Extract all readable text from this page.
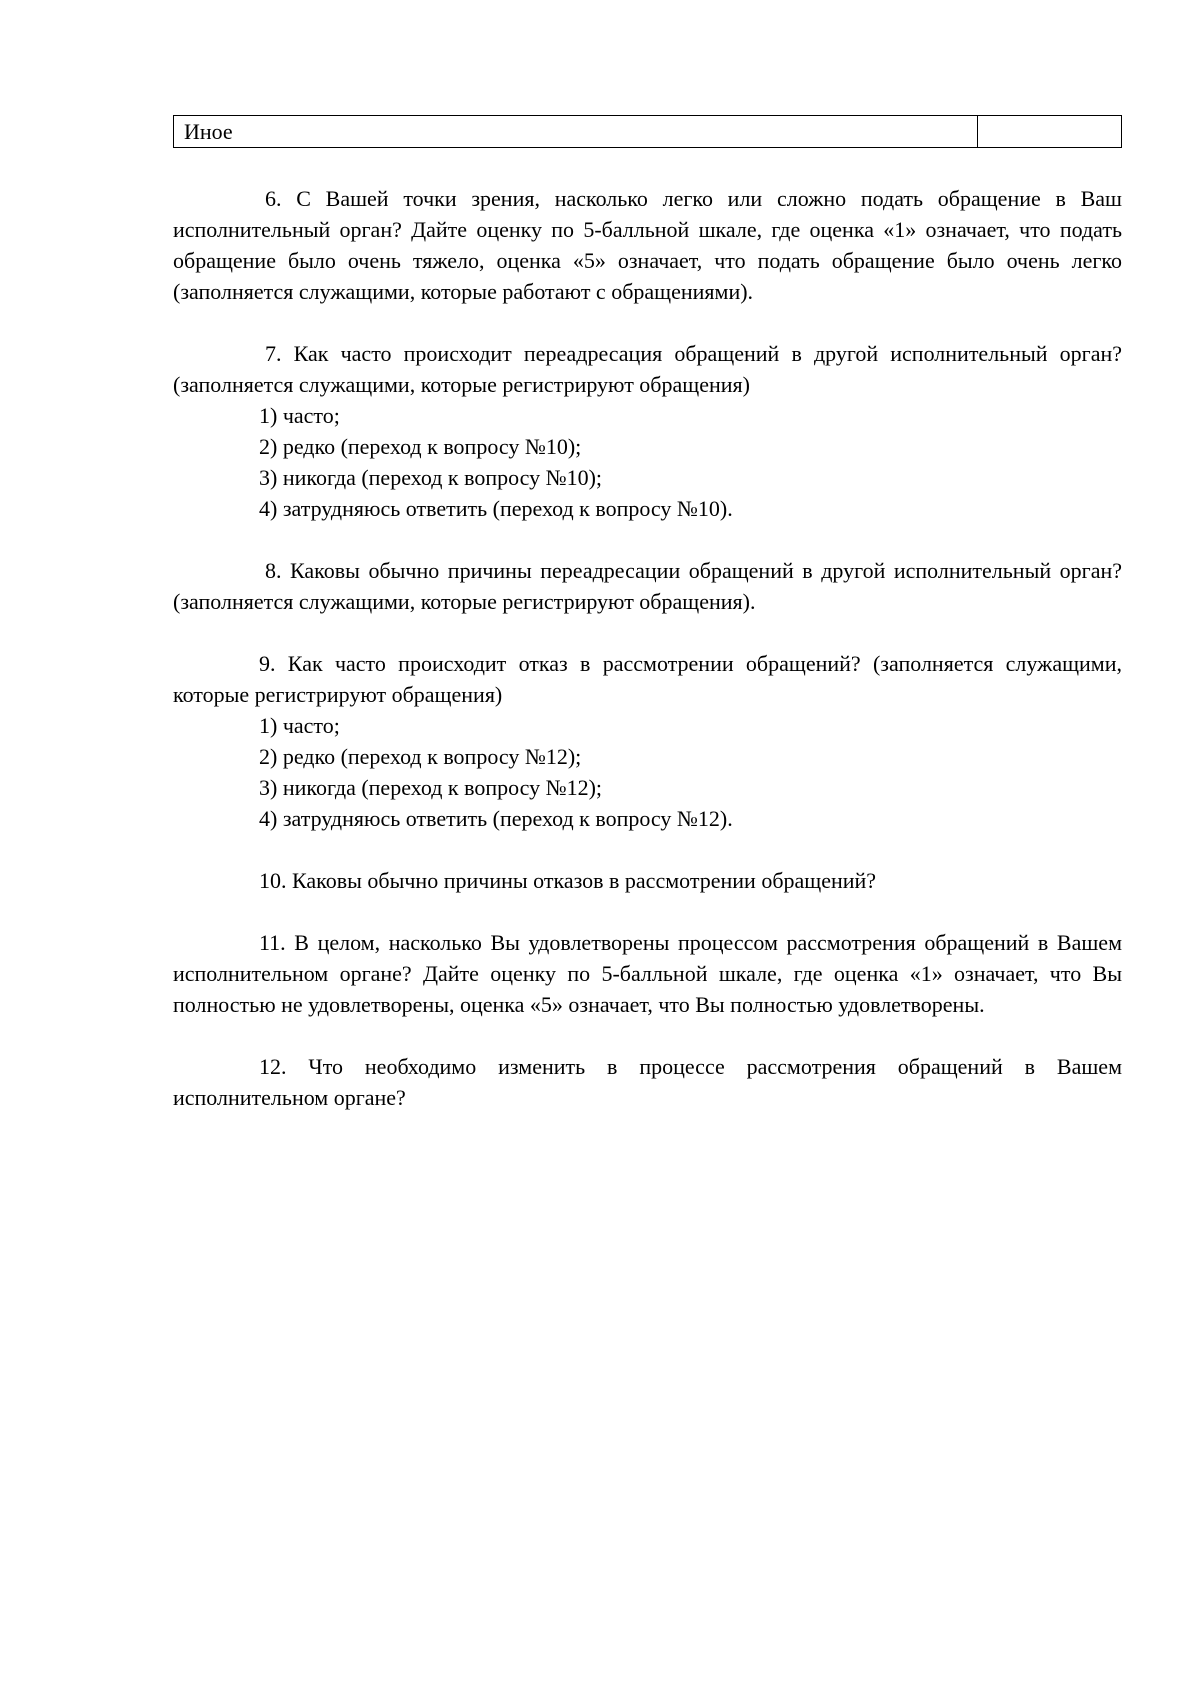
Иное	

6. С Вашей точки зрения, насколько легко или сложно подать обращение в Ваш исполнительный орган? Дайте оценку по 5-балльной шкале, где оценка «1» означает, что подать обращение было очень тяжело, оценка «5» означает, что подать обращение было очень легко (заполняется служащими, которые работают с обращениями).

7. Как часто происходит переадресация обращений в другой исполнительный орган? (заполняется служащими, которые регистрируют обращения)

1) часто;
2) редко (переход к вопросу №10);
3) никогда (переход к вопросу №10);
4) затрудняюсь ответить (переход к вопросу №10).

8. Каковы обычно причины переадресации обращений в другой исполнительный орган? (заполняется служащими, которые регистрируют обращения).

9. Как часто происходит отказ в рассмотрении обращений? (заполняется служащими, которые регистрируют обращения)

1) часто;
2) редко (переход к вопросу №12);
3) никогда (переход к вопросу №12);
4) затрудняюсь ответить (переход к вопросу №12).

10. Каковы обычно причины отказов в рассмотрении обращений?

11. В целом, насколько Вы удовлетворены процессом рассмотрения обращений в Вашем исполнительном органе? Дайте оценку по 5-балльной шкале, где оценка «1» означает, что Вы полностью не удовлетворены, оценка «5» означает, что Вы полностью удовлетворены.

12. Что необходимо изменить в процессе рассмотрения обращений в Вашем исполнительном органе?
